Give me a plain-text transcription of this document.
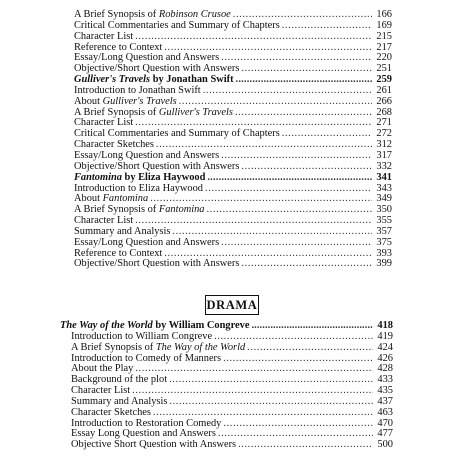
A Brief Synopsis of Robinson Crusoe .....	166
Critical Commentaries and Summary of Chapters .....	169
Character List .....	215
Reference to Context .....	217
Essay/Long Question and Answers .....	220
Objective/Short Question with Answers .....	251
Gulliver's Travels by Jonathan Swift .....	259
Introduction to Jonathan Swift .....	261
About Gulliver's Travels .....	266
A Brief Synopsis of Gulliver's Travels .....	268
Character List .....	271
Critical Commentaries and Summary of Chapters .....	272
Character Sketches .....	312
Essay/Long Question and Answers .....	317
Objective/Short Question with Answers .....	332
Fantomina by Eliza Haywood .....	341
Introduction to Eliza Haywood .....	343
About Fantomina .....	349
A Brief Synopsis of Fantomina .....	350
Character List .....	355
Summary and Analysis .....	357
Essay/Long Question and Answers .....	375
Reference to Context .....	393
Objective/Short Question with Answers .....	399
DRAMA
The Way of the World by William Congreve .....	418
Introduction to William Congreve .....	419
A Brief Synopsis of The Way of the World .....	424
Introduction to Comedy of Manners .....	426
About the Play .....	428
Background of the plot .....	433
Character List .....	435
Summary and Analysis .....	437
Character Sketches .....	463
Introduction to Restoration Comedy .....	470
Essay Long Question and Answers .....	477
Objective Short Question with Answers .....	500
